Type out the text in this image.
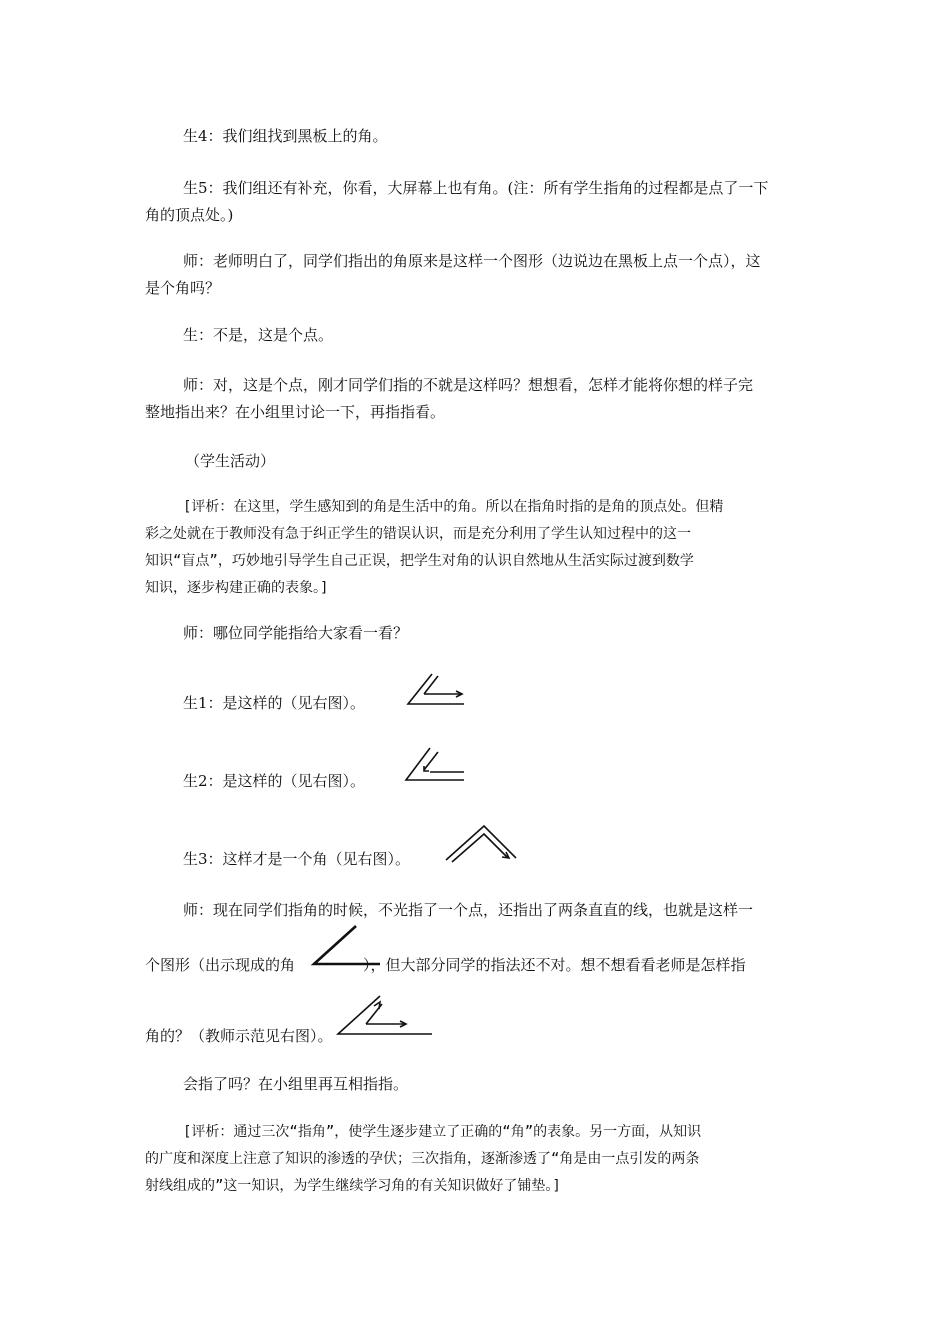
生4：我们组找到黑板上的角。

生5：我们组还有补充，你看，大屏幕上也有角。(注：所有学生指角的过程都是点了一下
角的顶点处。)

师：老师明白了，同学们指出的角原来是这样一个图形（边说边在黑板上点一个点），这
是个角吗？

生：不是，这是个点。

师：对，这是个点，刚才同学们指的不就是这样吗？想想看，怎样才能将你想的样子完
整地指出来？在小组里讨论一下，再指指看。

（学生活动）

[评析：在这里，学生感知到的角是生活中的角。所以在指角时指的是角的顶点处。但精
彩之处就在于教师没有急于纠正学生的错误认识，而是充分利用了学生认知过程中的这一
知识“盲点”，巧妙地引导学生自己正误，把学生对角的认识自然地从生活实际过渡到数学
知识，逐步构建正确的表象。]

师：哪位同学能指给大家看一看？

生1：是这样的（见右图）。

生2：是这样的（见右图）。

生3：这样才是一个角（见右图）。

师：现在同学们指角的时候，不光指了一个点，还指出了两条直直的线，也就是这样一

个图形（出示现成的角	），但大部分同学的指法还不对。想不想看看老师是怎样指

角的？（教师示范见右图）。

会指了吗？在小组里再互相指指。

[评析：通过三次“指角”，使学生逐步建立了正确的“角”的表象。另一方面，从知识
的广度和深度上注意了知识的渗透的孕伏；三次指角，逐渐渗透了“角是由一点引发的两条
射线组成的”这一知识，为学生继续学习角的有关知识做好了铺垫。]
